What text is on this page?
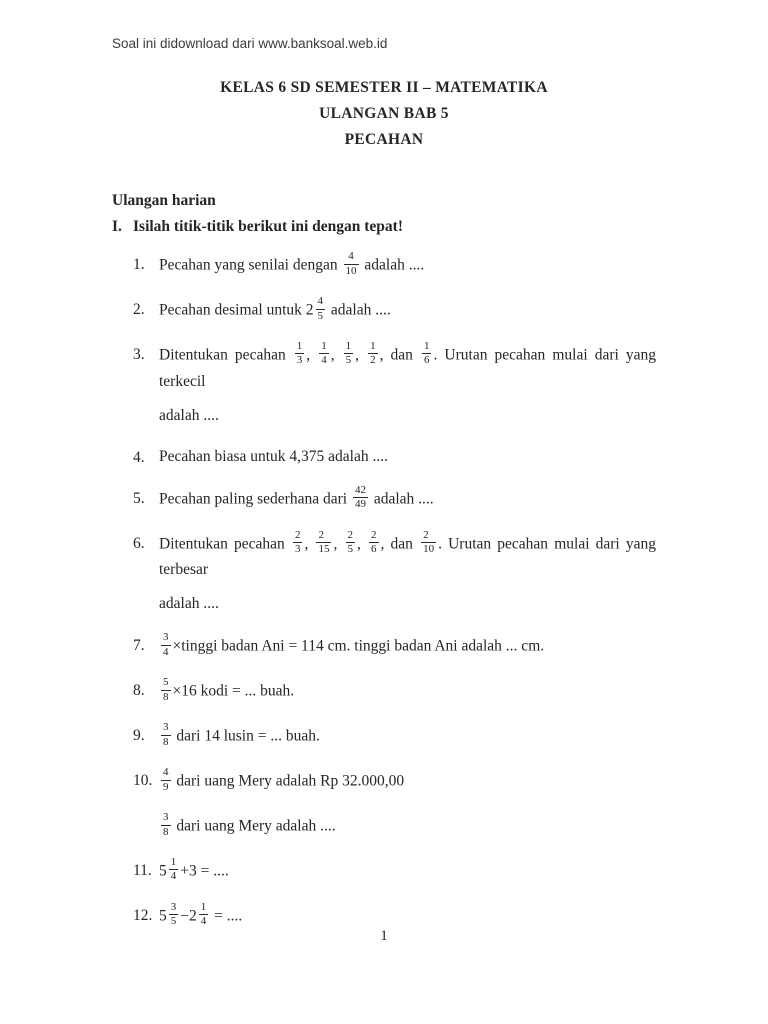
Soal ini didownload dari www.banksoal.web.id
KELAS 6 SD SEMESTER II – MATEMATIKA
ULANGAN BAB 5
PECAHAN
Ulangan harian
I. Isilah titik-titik berikut ini dengan tepat!
1. Pecahan yang senilai dengan $\frac{4}{10}$ adalah ....
2. Pecahan desimal untuk $2 \frac{4}{5}$ adalah ....
3. Ditentukan pecahan $\frac{1}{3}$ , $\frac{1}{4}$ , $\frac{1}{5}$ , $\frac{1}{2}$ , dan $\frac{1}{6}$ . Urutan pecahan mulai dari yang terkecil
adalah ....
4. Pecahan biasa untuk 4,375 adalah ....
5. Pecahan paling sederhana dari $\frac{42}{49}$ adalah ....
6. Ditentukan pecahan $\frac{2}{3}$ , $\frac{2}{15}$ , $\frac{2}{5}$ , $\frac{2}{6}$ , dan $\frac{2}{10}$ . Urutan pecahan mulai dari yang terbesar
adalah ....
7.	$\frac{3}{4}$ ×tinggi badan Ani = 114 cm. tinggi badan Ani adalah ... cm.
8.	$\frac{5}{8} \times 16$ kodi = ... buah.
9.	$\frac{3}{8}$ dari 14 lusin = ... buah.
10. $\frac{4}{9}$ dari uang Mery adalah Rp 32.000,00
$\frac{3}{8}$ dari uang Mery adalah ....
11. $5 \frac{1}{4} +3$ = ....
12. $5 \frac{3}{5} -2 \frac{1}{4}$ = ....
1
